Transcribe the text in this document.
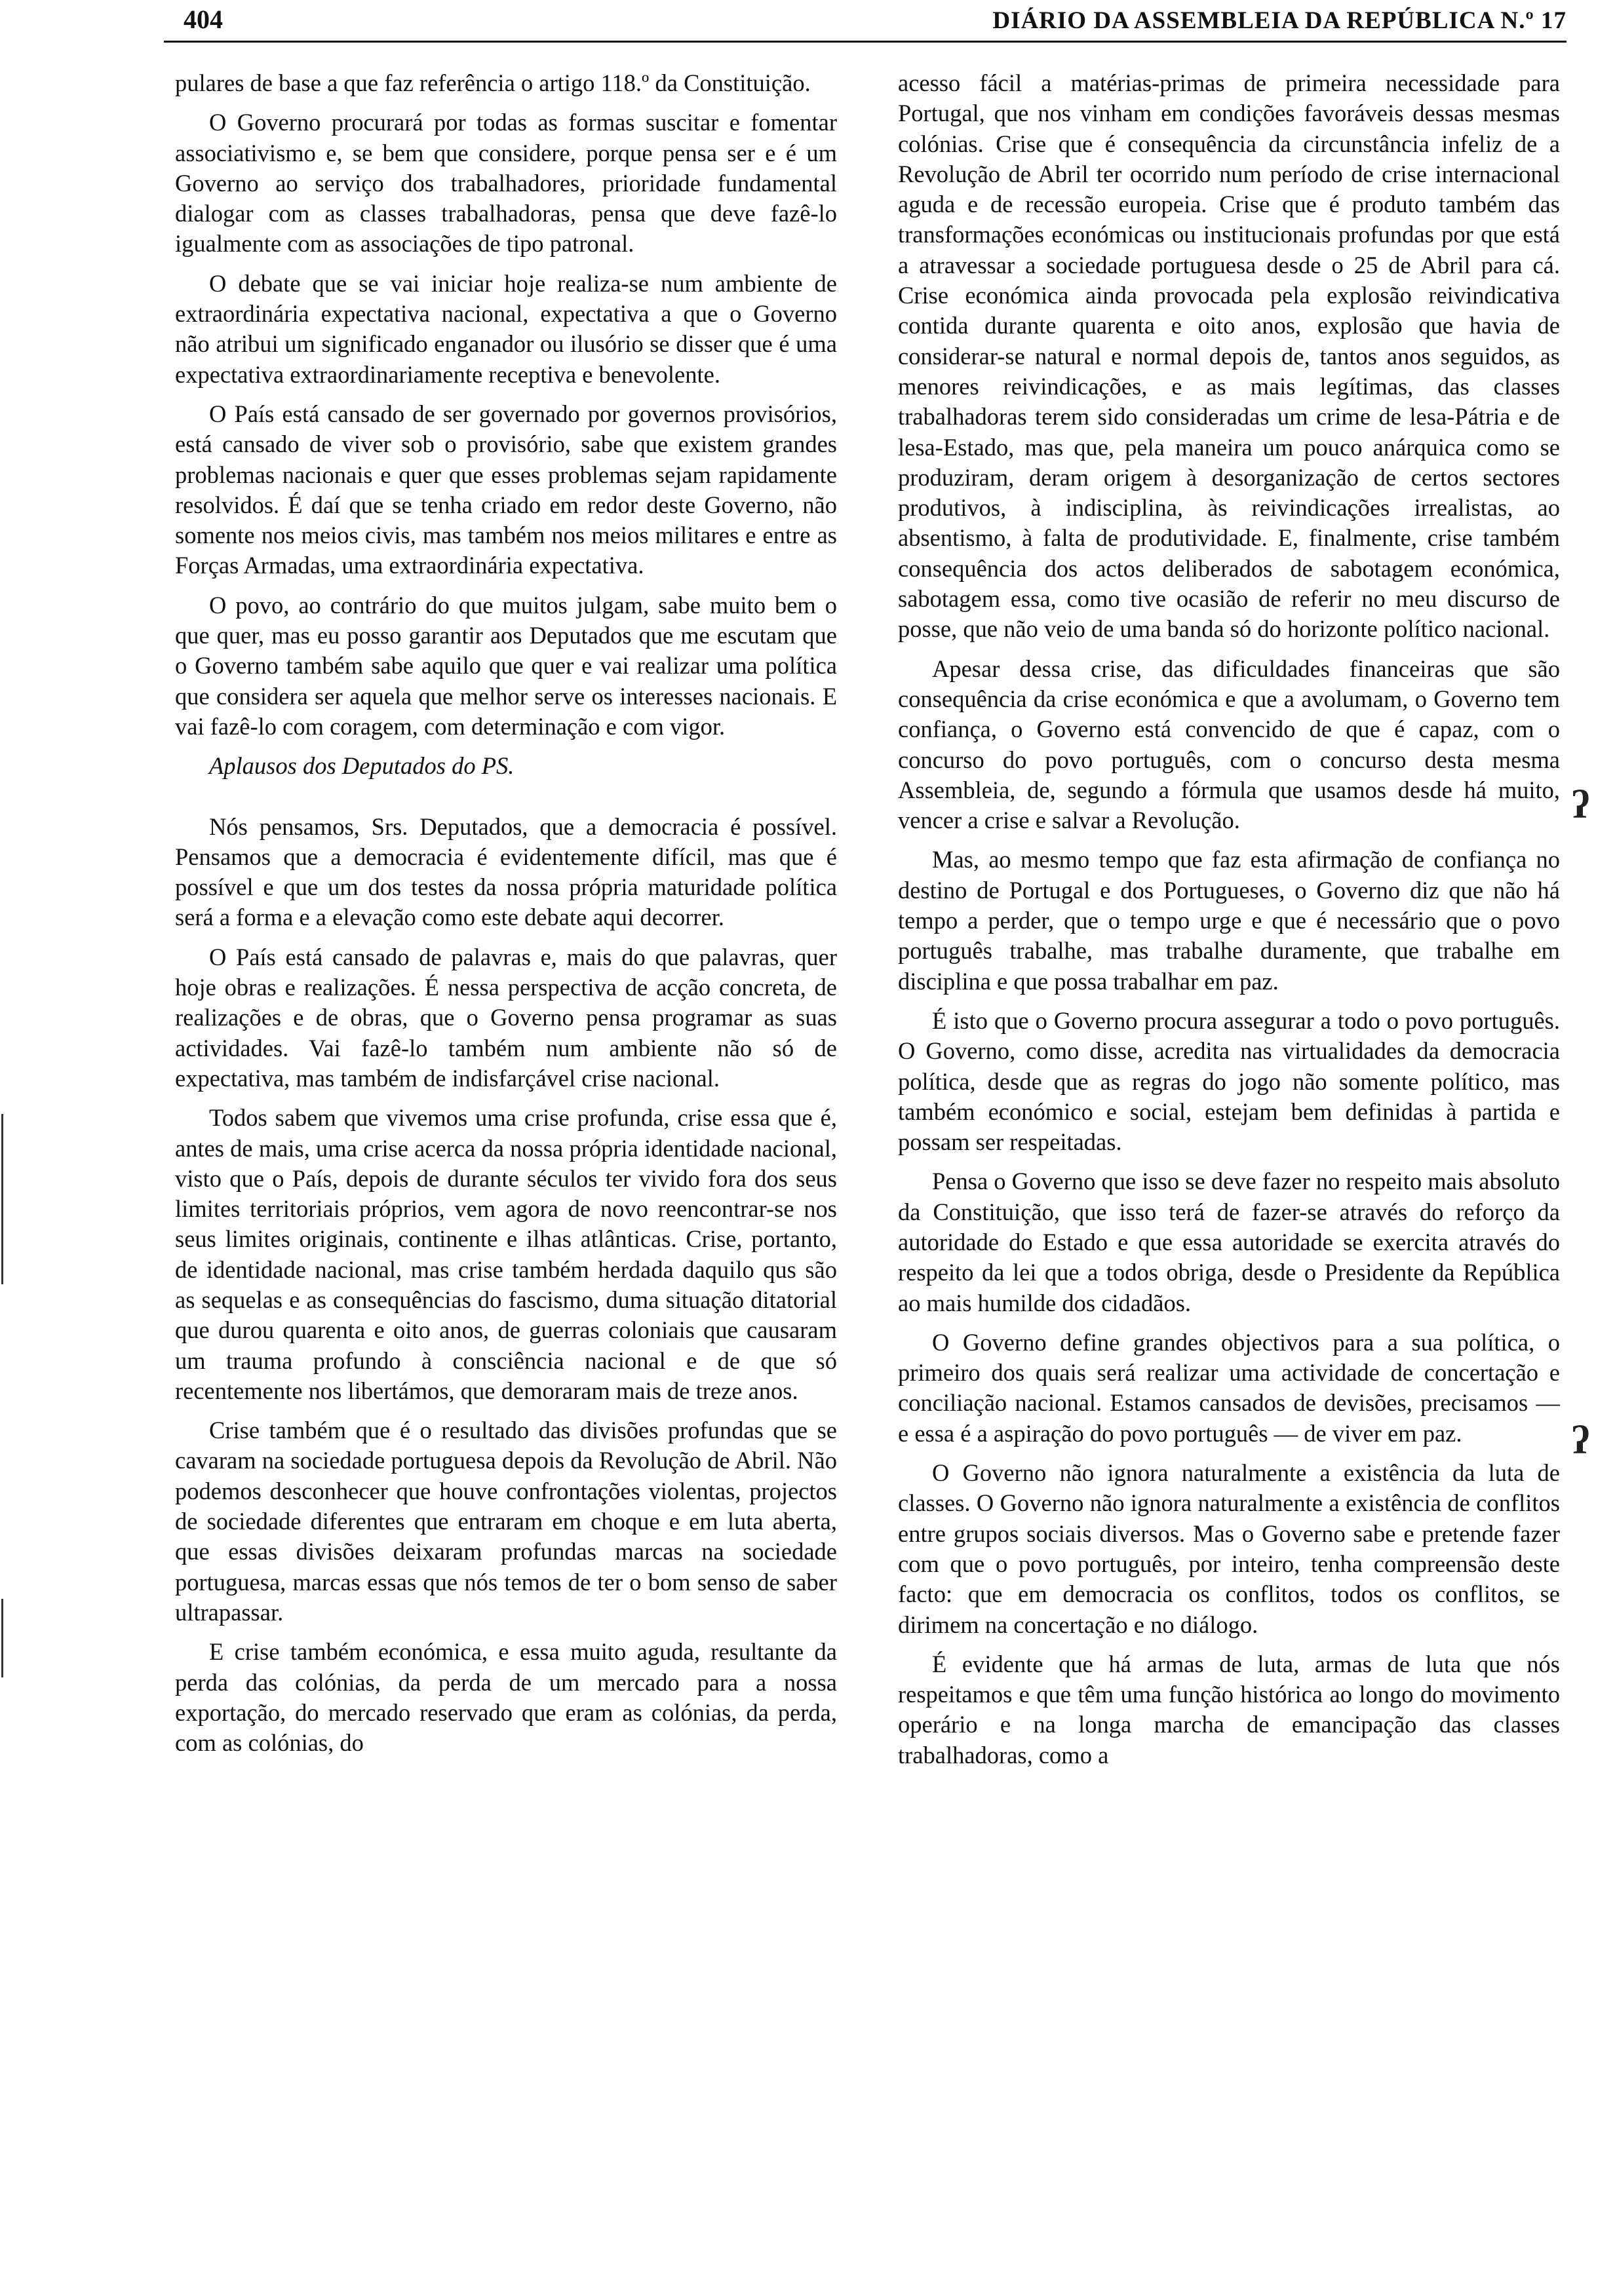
404	DIÁRIO DA ASSEMBLEIA DA REPÚBLICA N.º 17

pulares de base a que faz referência o artigo 118.º da Constituição.

O Governo procurará por todas as formas suscitar e fomentar associativismo e, se bem que considere, porque pensa ser e é um Governo ao serviço dos trabalhadores, prioridade fundamental dialogar com as classes trabalhadoras, pensa que deve fazê-lo igualmente com as associações de tipo patronal.

O debate que se vai iniciar hoje realiza-se num ambiente de extraordinária expectativa nacional, expectativa a que o Governo não atribui um significado enganador ou ilusório se disser que é uma expectativa extraordinariamente receptiva e benevolente.

O País está cansado de ser governado por governos provisórios, está cansado de viver sob o provisório, sabe que existem grandes problemas nacionais e quer que esses problemas sejam rapidamente resolvidos. É daí que se tenha criado em redor deste Governo, não somente nos meios civis, mas também nos meios militares e entre as Forças Armadas, uma extraordinária expectativa.

O povo, ao contrário do que muitos julgam, sabe muito bem o que quer, mas eu posso garantir aos Deputados que me escutam que o Governo também sabe aquilo que quer e vai realizar uma política que considera ser aquela que melhor serve os interesses nacionais. E vai fazê-lo com coragem, com determinação e com vigor.

Aplausos dos Deputados do PS.

Nós pensamos, Srs. Deputados, que a democracia é possível. Pensamos que a democracia é evidentemente difícil, mas que é possível e que um dos testes da nossa própria maturidade política será a forma e a elevação como este debate aqui decorrer.

O País está cansado de palavras e, mais do que palavras, quer hoje obras e realizações. É nessa perspectiva de acção concreta, de realizações e de obras, que o Governo pensa programar as suas actividades. Vai fazê-lo também num ambiente não só de expectativa, mas também de indisfarçável crise nacional.

Todos sabem que vivemos uma crise profunda, crise essa que é, antes de mais, uma crise acerca da nossa própria identidade nacional, visto que o País, depois de durante séculos ter vivido fora dos seus limites territoriais próprios, vem agora de novo reencontrar-se nos seus limites originais, continente e ilhas atlânticas. Crise, portanto, de identidade nacional, mas crise também herdada daquilo qus são as sequelas e as consequências do fascismo, duma situação ditatorial que durou quarenta e oito anos, de guerras coloniais que causaram um trauma profundo à consciência nacional e de que só recentemente nos libertámos, que demoraram mais de treze anos.

Crise também que é o resultado das divisões profundas que se cavaram na sociedade portuguesa depois da Revolução de Abril. Não podemos desconhecer que houve confrontações violentas, projectos de sociedade diferentes que entraram em choque e em luta aberta, que essas divisões deixaram profundas marcas na sociedade portuguesa, marcas essas que nós temos de ter o bom senso de saber ultrapassar.

E crise também económica, e essa muito aguda, resultante da perda das colónias, da perda de um mercado para a nossa exportação, do mercado reservado que eram as colónias, da perda, com as colónias, do

acesso fácil a matérias-primas de primeira necessidade para Portugal, que nos vinham em condições favoráveis dessas mesmas colónias. Crise que é consequência da circunstância infeliz de a Revolução de Abril ter ocorrido num período de crise internacional aguda e de recessão europeia. Crise que é produto também das transformações económicas ou institucionais profundas por que está a atravessar a sociedade portuguesa desde o 25 de Abril para cá. Crise económica ainda provocada pela explosão reivindicativa contida durante quarenta e oito anos, explosão que havia de considerar-se natural e normal depois de, tantos anos seguidos, as menores reivindicações, e as mais legítimas, das classes trabalhadoras terem sido consideradas um crime de lesa-Pátria e de lesa-Estado, mas que, pela maneira um pouco anárquica como se produziram, deram origem à desorganização de certos sectores produtivos, à indisciplina, às reivindicações irrealistas, ao absentismo, à falta de produtividade. E, finalmente, crise também consequência dos actos deliberados de sabotagem económica, sabotagem essa, como tive ocasião de referir no meu discurso de posse, que não veio de uma banda só do horizonte político nacional.

Apesar dessa crise, das dificuldades financeiras que são consequência da crise económica e que a avolumam, o Governo tem confiança, o Governo está convencido de que é capaz, com o concurso do povo português, com o concurso desta mesma Assembleia, de, segundo a fórmula que usamos desde há muito, vencer a crise e salvar a Revolução.

Mas, ao mesmo tempo que faz esta afirmação de confiança no destino de Portugal e dos Portugueses, o Governo diz que não há tempo a perder, que o tempo urge e que é necessário que o povo português trabalhe, mas trabalhe duramente, que trabalhe em disciplina e que possa trabalhar em paz.

É isto que o Governo procura assegurar a todo o povo português. O Governo, como disse, acredita nas virtualidades da democracia política, desde que as regras do jogo não somente político, mas também económico e social, estejam bem definidas à partida e possam ser respeitadas.

Pensa o Governo que isso se deve fazer no respeito mais absoluto da Constituição, que isso terá de fazer-se através do reforço da autoridade do Estado e que essa autoridade se exercita através do respeito da lei que a todos obriga, desde o Presidente da República ao mais humilde dos cidadãos.

O Governo define grandes objectivos para a sua política, o primeiro dos quais será realizar uma actividade de concertação e conciliação nacional. Estamos cansados de devisões, precisamos — e essa é a aspiração do povo português — de viver em paz.

O Governo não ignora naturalmente a existência da luta de classes. O Governo não ignora naturalmente a existência de conflitos entre grupos sociais diversos. Mas o Governo sabe e pretende fazer com que o povo português, por inteiro, tenha compreensão deste facto: que em democracia os conflitos, todos os conflitos, se dirimem na concertação e no diálogo.

É evidente que há armas de luta, armas de luta que nós respeitamos e que têm uma função histórica ao longo do movimento operário e na longa marcha de emancipação das classes trabalhadoras, como a

ʔ
ʔ
